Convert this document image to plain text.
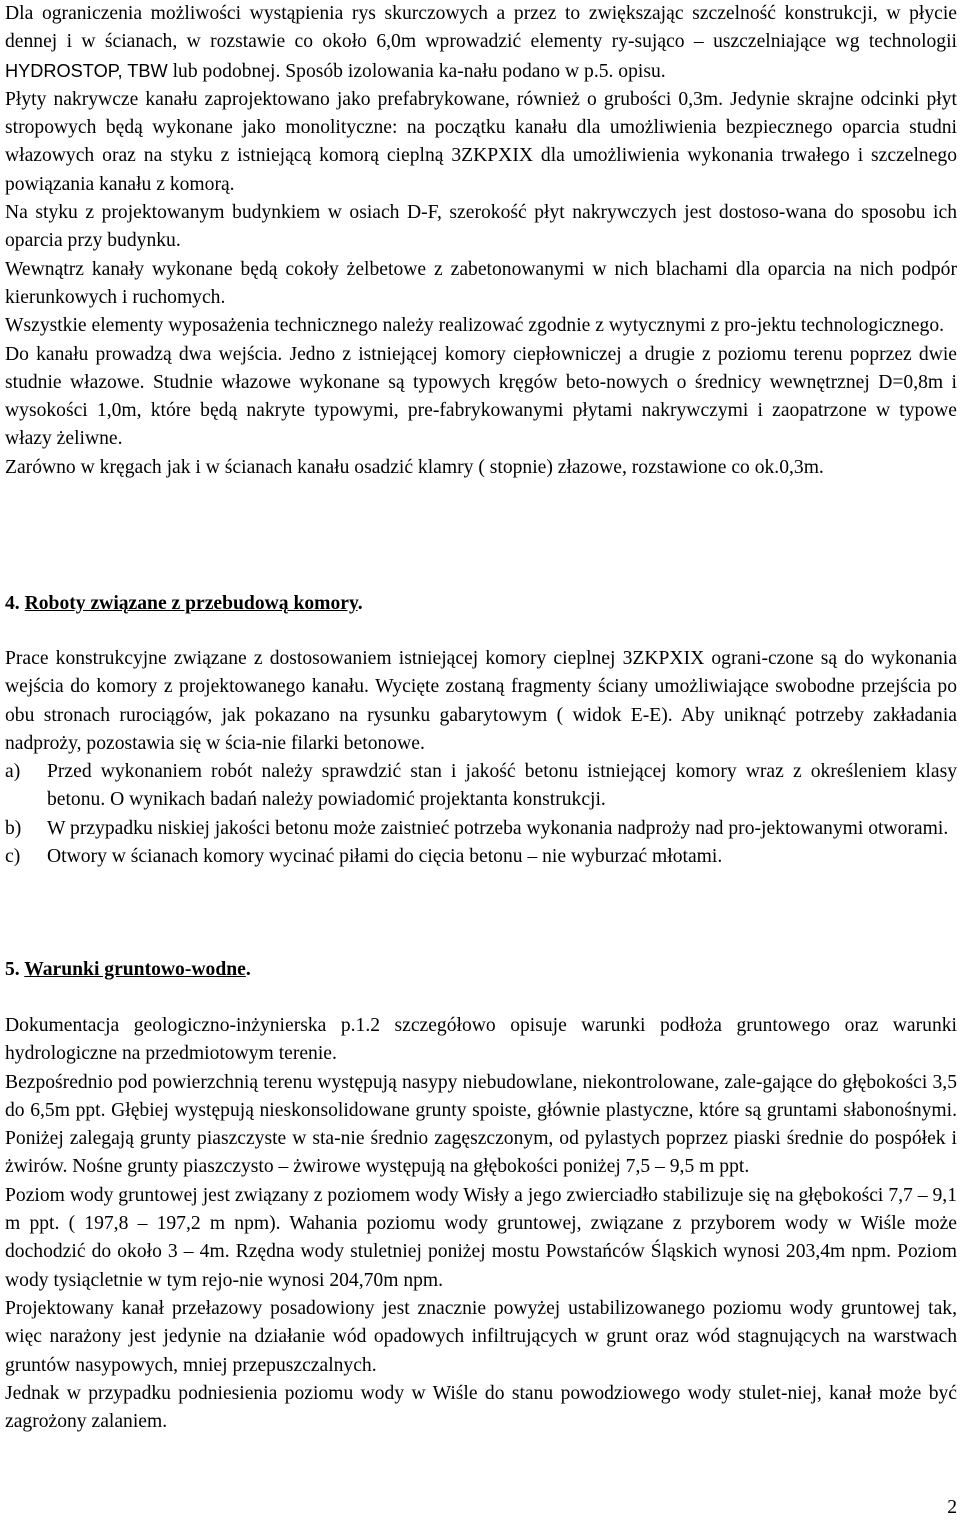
Dla ograniczenia możliwości wystąpienia rys skurczowych a przez to zwiększając szczelność konstrukcji, w płycie dennej i w ścianach, w rozstawie co około 6,0m wprowadzić elementy ry-sująco – uszczelniające wg technologii HYDROSTOP, TBW lub podobnej. Sposób izolowania ka-nału podano w p.5. opisu.

Płyty nakrywcze kanału zaprojektowano jako prefabrykowane, również o grubości 0,3m. Jedynie skrajne odcinki płyt stropowych będą wykonane jako monolityczne: na początku kanału dla umożliwienia bezpiecznego oparcia studni włazowych oraz na styku z istniejącą komorą cieplną 3ZKPXIX dla umożliwienia wykonania trwałego i szczelnego powiązania kanału z komorą.

Na styku z projektowanym budynkiem w osiach D-F, szerokość płyt nakrywczych jest dostoso-wana do sposobu ich oparcia przy budynku.

Wewnątrz kanały wykonane będą cokoły żelbetowe z zabetonowanymi w nich blachami dla oparcia na nich podpór kierunkowych i ruchomych.

Wszystkie elementy wyposażenia technicznego należy realizować zgodnie z wytycznymi z pro-jektu technologicznego.

Do kanału prowadzą dwa wejścia. Jedno z istniejącej komory ciepłowniczej a drugie z poziomu terenu poprzez dwie studnie włazowe. Studnie włazowe wykonane są typowych kręgów beto-nowych o średnicy wewnętrznej D=0,8m i wysokości 1,0m, które będą nakryte typowymi, pre-fabrykowanymi płytami nakrywczymi i zaopatrzone w typowe włazy żeliwne.

Zarówno w kręgach jak i w ścianach kanału osadzić klamry ( stopnie) złazowe, rozstawione co ok.0,3m.

4. Roboty związane z przebudową komory.

Prace konstrukcyjne związane z dostosowaniem istniejącej komory cieplnej 3ZKPXIX ograni-czone są do wykonania wejścia do komory z projektowanego kanału. Wycięte zostaną fragmenty ściany umożliwiające swobodne przejścia po obu stronach rurociągów, jak pokazano na rysunku gabarytowym ( widok E-E). Aby uniknąć potrzeby zakładania nadproży, pozostawia się w ścia-nie filarki betonowe.

a)	Przed wykonaniem robót należy sprawdzić stan i jakość betonu istniejącej komory wraz z określeniem klasy betonu. O wynikach badań należy powiadomić projektanta konstrukcji.
b)	W przypadku niskiej jakości betonu może zaistnieć potrzeba wykonania nadproży nad pro-jektowanymi otworami.
c)	Otwory w ścianach komory wycinać piłami do cięcia betonu – nie wyburzać młotami.
5. Warunki gruntowo-wodne.

Dokumentacja geologiczno-inżynierska p.1.2 szczegółowo opisuje warunki podłoża gruntowego oraz warunki hydrologiczne na przedmiotowym terenie.

Bezpośrednio pod powierzchnią terenu występują nasypy niebudowlane, niekontrolowane, zale-gające do głębokości 3,5 do 6,5m ppt. Głębiej występują nieskonsolidowane grunty spoiste, głównie plastyczne, które są gruntami słabonośnymi. Poniżej zalegają grunty piaszczyste w sta-nie średnio zagęszczonym, od pylastych poprzez piaski średnie do pospółek i żwirów. Nośne grunty piaszczysto – żwirowe występują na głębokości poniżej 7,5 – 9,5 m ppt.

Poziom wody gruntowej jest związany z poziomem wody Wisły a jego zwierciadło stabilizuje się na głębokości 7,7 – 9,1 m ppt. ( 197,8 – 197,2 m npm). Wahania poziomu wody gruntowej, związane z przyborem wody w Wiśle może dochodzić do około 3 – 4m. Rzędna wody stuletniej poniżej mostu Powstańców Śląskich wynosi 203,4m npm. Poziom wody tysiącletnie w tym rejo-nie wynosi 204,70m npm.

Projektowany kanał przełazowy posadowiony jest znacznie powyżej ustabilizowanego poziomu wody gruntowej tak, więc narażony jest jedynie na działanie wód opadowych infiltrujących w grunt oraz wód stagnujących na warstwach gruntów nasypowych, mniej przepuszczalnych.

Jednak w przypadku podniesienia poziomu wody w Wiśle do stanu powodziowego wody stulet-niej, kanał może być zagrożony zalaniem.

2
